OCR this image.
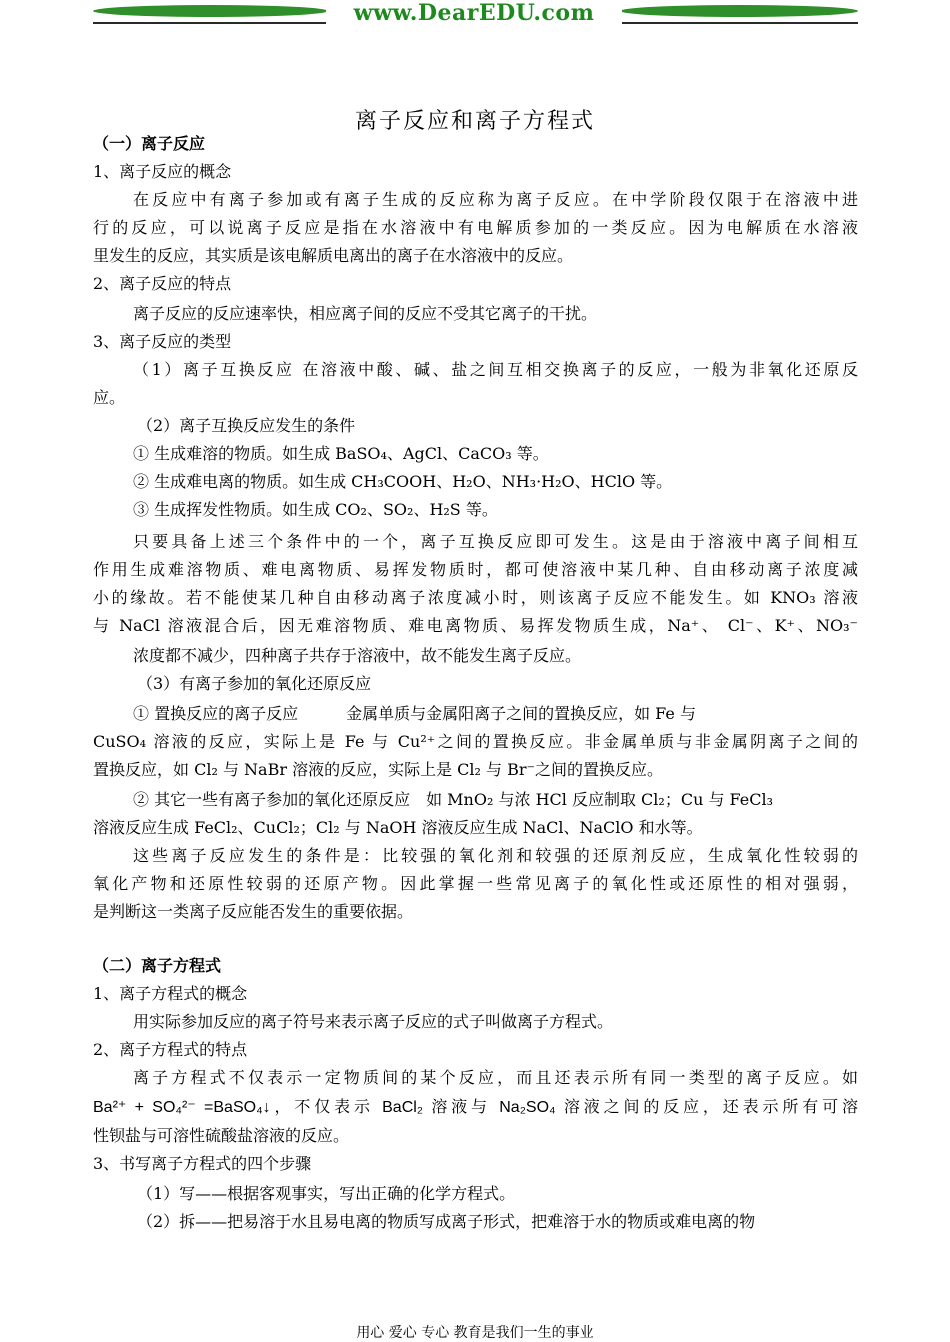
www.DearEDU.com
离子反应和离子方程式
（一）离子反应
1、离子反应的概念
在反应中有离子参加或有离子生成的反应称为离子反应。在中学阶段仅限于在溶液中进
行的反应，可以说离子反应是指在水溶液中有电解质参加的一类反应。因为电解质在水溶液
里发生的反应，其实质是该电解质电离出的离子在水溶液中的反应。
2、离子反应的特点
离子反应的反应速率快，相应离子间的反应不受其它离子的干扰。
3、离子反应的类型
（1）离子互换反应 在溶液中酸、碱、盐之间互相交换离子的反应，一般为非氧化还原反
应。
（2）离子互换反应发生的条件
① 生成难溶的物质。如生成 BaSO₄、AgCl、CaCO₃ 等。
② 生成难电离的物质。如生成 CH₃COOH、H₂O、NH₃·H₂O、HClO 等。
③ 生成挥发性物质。如生成 CO₂、SO₂、H₂S 等。
只要具备上述三个条件中的一个，离子互换反应即可发生。这是由于溶液中离子间相互
作用生成难溶物质、难电离物质、易挥发物质时，都可使溶液中某几种、自由移动离子浓度减
小的缘故。若不能使某几种自由移动离子浓度减小时，则该离子反应不能发生。如 KNO₃ 溶液
与 NaCl 溶液混合后，因无难溶物质、难电离物质、易挥发物质生成，Na⁺、 Cl⁻、K⁺、NO₃⁻
浓度都不减少，四种离子共存于溶液中，故不能发生离子反应。
（3）有离子参加的氧化还原反应
① 置换反应的离子反应　　　金属单质与金属阳离子之间的置换反应，如 Fe 与
CuSO₄ 溶液的反应，实际上是 Fe 与 Cu²⁺之间的置换反应。非金属单质与非金属阴离子之间的
置换反应，如 Cl₂ 与 NaBr 溶液的反应，实际上是 Cl₂ 与 Br⁻之间的置换反应。
② 其它一些有离子参加的氧化还原反应　如 MnO₂ 与浓 HCl 反应制取 Cl₂；Cu 与 FeCl₃
溶液反应生成 FeCl₂、CuCl₂；Cl₂ 与 NaOH 溶液反应生成 NaCl、NaClO 和水等。
这些离子反应发生的条件是：比较强的氧化剂和较强的还原剂反应，生成氧化性较弱的
氧化产物和还原性较弱的还原产物。因此掌握一些常见离子的氧化性或还原性的相对强弱，
是判断这一类离子反应能否发生的重要依据。
（二）离子方程式
1、离子方程式的概念
用实际参加反应的离子符号来表示离子反应的式子叫做离子方程式。
2、离子方程式的特点
离子方程式不仅表示一定物质间的某个反应，而且还表示所有同一类型的离子反应。如
Ba²⁺ + SO₄²⁻ =BaSO₄↓，不仅表示 BaCl₂ 溶液与 Na₂SO₄ 溶液之间的反应，还表示所有可溶
性钡盐与可溶性硫酸盐溶液的反应。
3、书写离子方程式的四个步骤
（1）写——根据客观事实，写出正确的化学方程式。
（2）拆——把易溶于水且易电离的物质写成离子形式，把难溶于水的物质或难电离的物
用心 爱心 专心 教育是我们一生的事业
